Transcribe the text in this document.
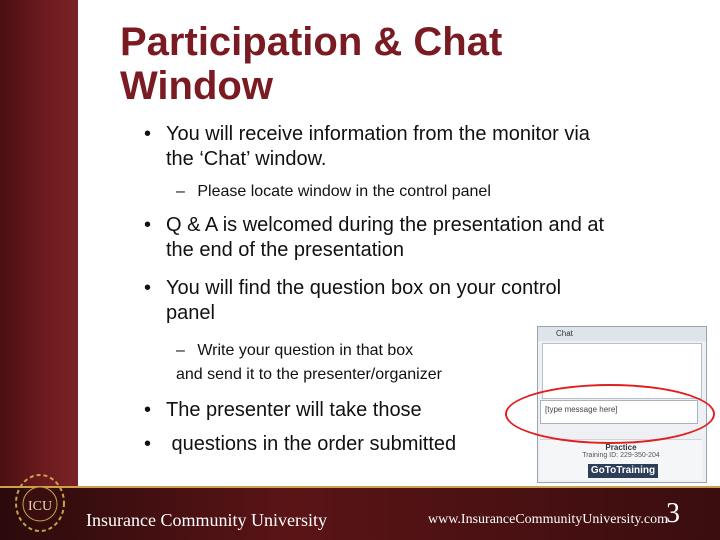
Participation & Chat
Window
• You will receive information from the monitor via
the ‘Chat’ window.
– Please locate window in the control panel
• Q & A is welcomed during the presentation and at
the end of the presentation
• You will find the question box on your control
panel
– Write your question in that box
and send it to the presenter/organizer
• The presenter will take those
• questions in the order submitted
Chat
[type message here]
Practice
Training ID: 229-350-204
GoToTraining
ICU
Insurance Community University	www.InsuranceCommunityUniversity.com
3
